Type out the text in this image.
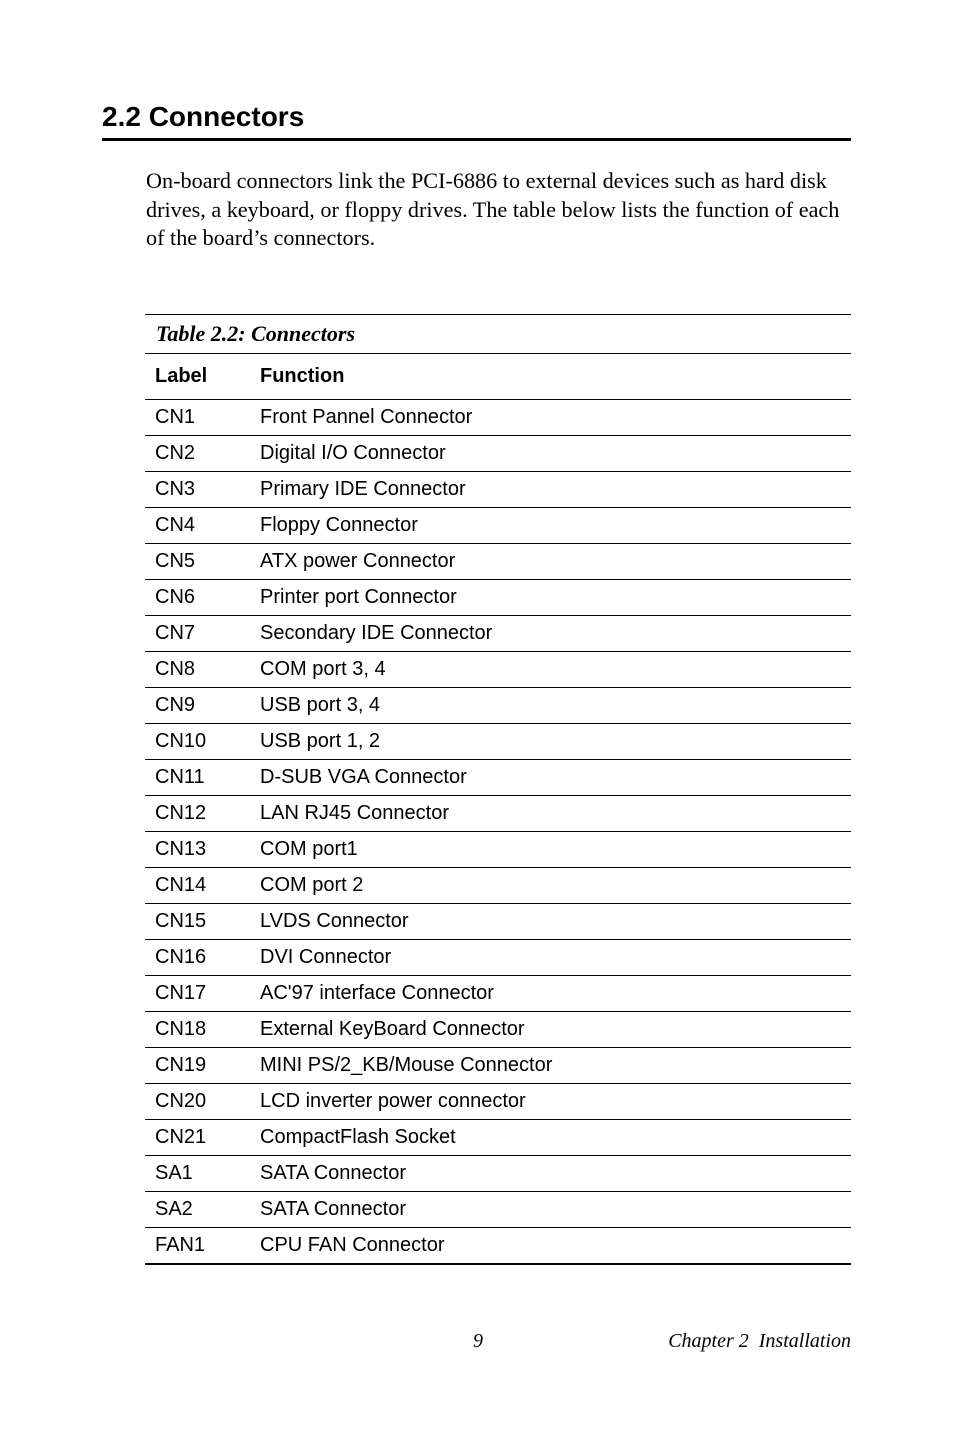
2.2 Connectors

On-board connectors link the PCI-6886 to external devices such as hard disk drives, a keyboard, or floppy drives. The table below lists the function of each of the board’s connectors.

Table 2.2: Connectors
Label	Function
CN1	Front Pannel Connector
CN2	Digital I/O Connector
CN3	Primary IDE Connector
CN4	Floppy Connector
CN5	ATX power Connector
CN6	Printer port Connector
CN7	Secondary IDE Connector
CN8	COM port 3, 4
CN9	USB port 3, 4
CN10	USB port 1, 2
CN11	D-SUB VGA Connector
CN12	LAN RJ45 Connector
CN13	COM port1
CN14	COM port 2
CN15	LVDS Connector
CN16	DVI Connector
CN17	AC'97 interface Connector
CN18	External KeyBoard Connector
CN19	MINI PS/2_KB/Mouse Connector
CN20	LCD inverter power connector
CN21	CompactFlash Socket
SA1	SATA Connector
SA2	SATA Connector
FAN1	CPU FAN Connector
9	Chapter 2  Installation
